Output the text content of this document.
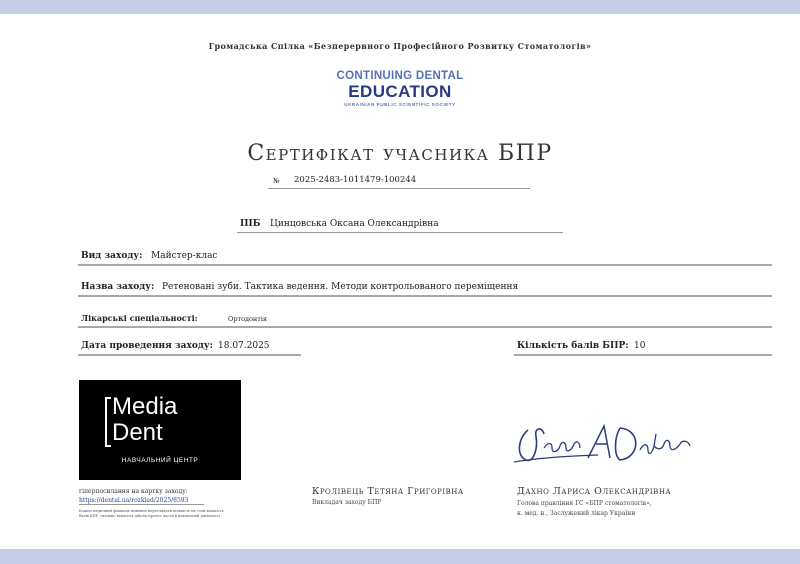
Громадська Спілка «Безперервного Професійного Розвитку Стоматологів»
CONTINUING DENTAL
EDUCATION
UKRAINIAN PUBLIC SCIENTIFIC SOCIETY
Сертифікат учасника БПР
№ 2025-2483-1011479-100244
ПІБ Цинцовська Оксана Олександрівна
Вид заходу: Майстер-клас
Назва заходу: Ретеновані зуби. Тактика ведення. Методи контрольованого переміщення
Лікарські спеціальності:	Ортодонтія
Дата проведення заходу: 18.07.2025	Кількість балів БПР: 10
Media
Dent
НАВЧАЛЬНИЙ ЦЕНТР
гіперпосилання на картку заходу:
https://dental.ua/rozklad/2025/8593
Кожен медичний фахівець повинен переглядати кількість на стан кількість балів БПР, сколько кількість дійсно прочее части в навчальній діяльності
Кролівець Тетяна Григорівна
Викладач заходу БПР
Дахно Лариса Олександрівна
Голова правління ГС «БПР стоматологів»,
к. мед. н., Заслужений лікар України
